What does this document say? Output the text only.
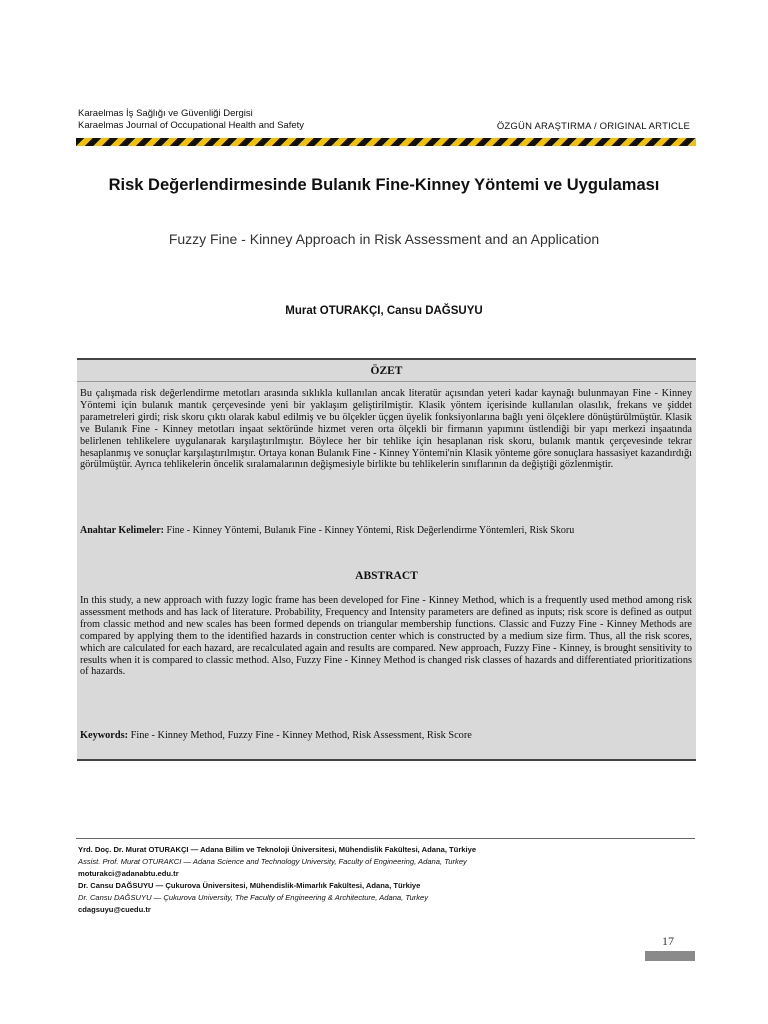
Karaelmas İş Sağlığı ve Güvenliği Dergisi
Karaelmas Journal of Occupational Health and Safety	ÖZGÜN ARAŞTIRMA / ORIGINAL ARTICLE
Risk Değerlendirmesinde Bulanık Fine-Kinney Yöntemi ve Uygulaması
Fuzzy Fine - Kinney Approach in Risk Assessment and an Application
Murat OTURAKÇI, Cansu DAĞSUYU
ÖZET
Bu çalışmada risk değerlendirme metotları arasında sıklıkla kullanılan ancak literatür açısından yeteri kadar kaynağı bulunmayan Fine - Kinney Yöntemi için bulanık mantık çerçevesinde yeni bir yaklaşım geliştirilmiştir. Klasik yöntem içerisinde kullanılan olasılık, frekans ve şiddet parametreleri girdi; risk skoru çıktı olarak kabul edilmiş ve bu ölçekler üçgen üyelik fonksiyonlarına bağlı yeni ölçeklere dönüştürülmüştür. Klasik ve Bulanık Fine - Kinney metotları inşaat sektöründe hizmet veren orta ölçekli bir firmanın yapımını üstlendiği bir yapı merkezi inşaatında belirlenen tehlikelere uygulanarak karşılaştırılmıştır. Böylece her bir tehlike için hesaplanan risk skoru, bulanık mantık çerçevesinde tekrar hesaplanmış ve sonuçlar karşılaştırılmıştır. Ortaya konan Bulanık Fine - Kinney Yöntemi'nin Klasik yönteme göre sonuçlara hassasiyet kazandırdığı görülmüştür. Ayrıca tehlikelerin öncelik sıralamalarının değişmesiyle birlikte bu tehlikelerin sınıflarının da değiştiği gözlenmiştir.
Anahtar Kelimeler: Fine - Kinney Yöntemi, Bulanık Fine - Kinney Yöntemi, Risk Değerlendirme Yöntemleri, Risk Skoru
ABSTRACT
In this study, a new approach with fuzzy logic frame has been developed for Fine - Kinney Method, which is a frequently used method among risk assessment methods and has lack of literature. Probability, Frequency and Intensity parameters are defined as inputs; risk score is defined as output from classic method and new scales has been formed depends on triangular membership functions. Classic and Fuzzy Fine - Kinney Methods are compared by applying them to the identified hazards in construction center which is constructed by a medium size firm. Thus, all the risk scores, which are calculated for each hazard, are recalculated again and results are compared. New approach, Fuzzy Fine - Kinney, is brought sensitivity to results when it is compared to classic method. Also, Fuzzy Fine - Kinney Method is changed risk classes of hazards and differentiated prioritizations of hazards.
Keywords: Fine - Kinney Method, Fuzzy Fine - Kinney Method, Risk Assessment, Risk Score
Yrd. Doç. Dr. Murat OTURAKÇI — Adana Bilim ve Teknoloji Üniversitesi, Mühendislik Fakültesi, Adana, Türkiye
Assist. Prof. Murat OTURAKCI — Adana Science and Technology University, Faculty of Engineering, Adana, Turkey
moturakci@adanabtu.edu.tr
Dr. Cansu DAĞSUYU — Çukurova Üniversitesi, Mühendislik-Mimarlık Fakültesi, Adana, Türkiye
Dr. Cansu DAĞSUYU — Çukurova University, The Faculty of Engineering & Architecture, Adana, Turkey
cdagsuyu@cuedu.tr
17
